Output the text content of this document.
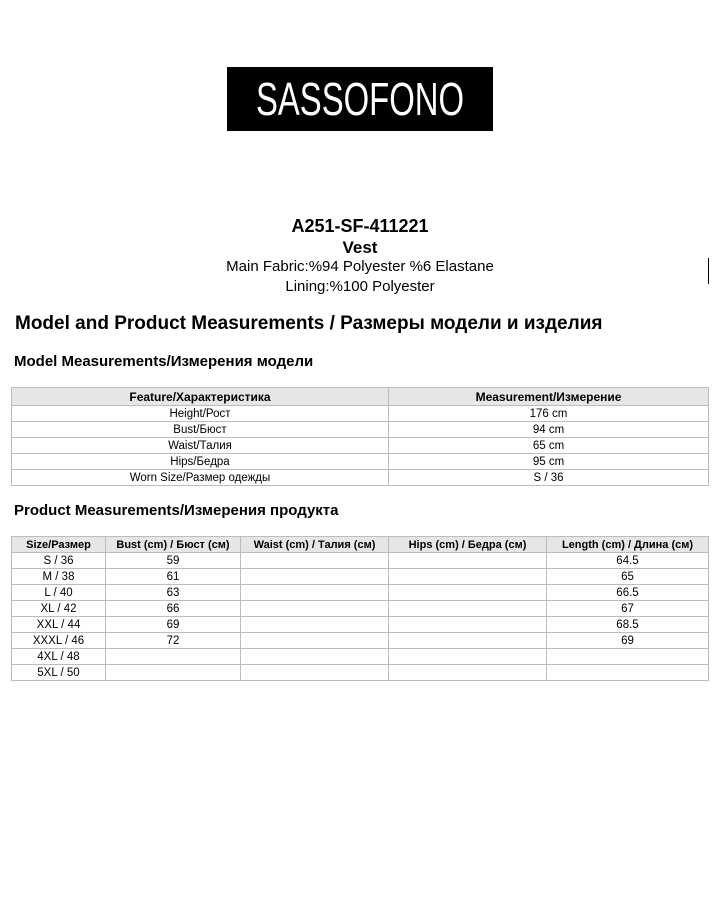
SASSOFONO
A251-SF-411221
Vest
Main Fabric:%94 Polyester %6 Elastane
Lining:%100 Polyester
Model and Product Measurements / Размеры модели и изделия
Model Measurements/Измерения модели
Feature/Характеристика	Measurement/Измерение
Height/Рост	176 cm
Bust/Бюст	94 cm
Waist/Талия	65 cm
Hips/Бедра	95 cm
Worn Size/Размер одежды	S / 36
Product Measurements/Измерения продукта
Size/Размер	Bust (cm) / Бюст (см)	Waist (cm) / Талия (см)	Hips (cm) / Бедра (см)	Length (cm) / Длина (см)
S / 36	59			64.5
M / 38	61			65
L / 40	63			66.5
XL / 42	66			67
XXL / 44	69			68.5
XXXL / 46	72			69
4XL / 48				
5XL / 50				
